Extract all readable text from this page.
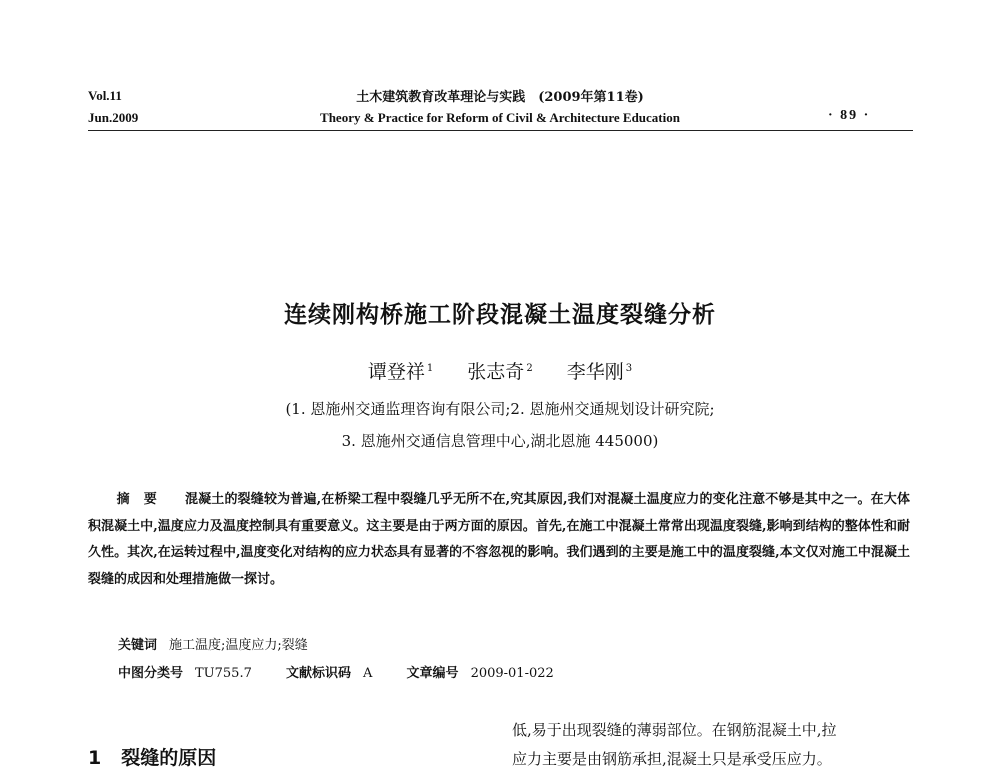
Vol.11
Jun.2009
土木建筑教育改革理论与实践　(2009年第11卷)
Theory & Practice for Reform of Civil & Architecture Education	· 89 ·
连续刚构桥施工阶段混凝土温度裂缝分析
谭登祥 $^1$ 张志奇 $^2$ 李华刚 $^3$
(1. 恩施州交通监理咨询有限公司;2. 恩施州交通规划设计研究院;
3. 恩施州交通信息管理中心,湖北恩施 445000)
摘要 混凝土的裂缝较为普遍,在桥梁工程中裂缝几乎无所不在,究其原因,我们对混凝土温度应力的变化注意不够是其中之一。在大体积混凝土中,温度应力及温度控制具有重要意义。这主要是由于两方面的原因。首先,在施工中混凝土常常出现温度裂缝,影响到结构的整体性和耐久性。其次,在运转过程中,温度变化对结构的应力状态具有显著的不容忽视的影响。我们遇到的主要是施工中的温度裂缝,本文仅对施工中混凝土裂缝的成因和处理措施做一探讨。
关键词 施工温度;温度应力;裂缝
中图分类号 TU755.7	文献标识码 A	文章编号 2009-01-022
低,易于出现裂缝的薄弱部位。在钢筋混凝土中,拉
应力主要是由钢筋承担,混凝土只是承受压应力。
1 裂缝的原因
